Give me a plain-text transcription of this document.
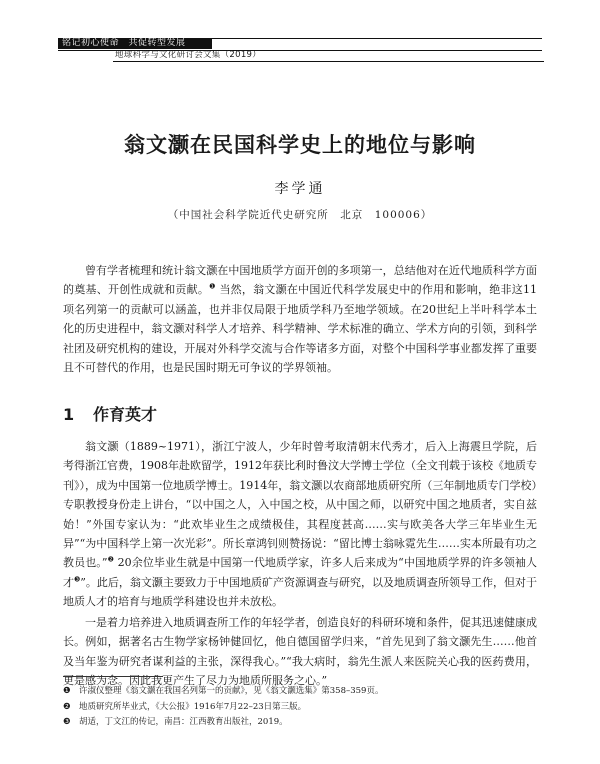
铭记初心使命　共促转型发展
地球科学与文化研讨会文集（2019）
翁文灏在民国科学史上的地位与影响
李学通
（中国社会科学院近代史研究所　北京　100006）

曾有学者梳理和统计翁文灏在中国地质学方面开创的多项第一，总结他对在近代地质科学方面的奠基、开创性成就和贡献。$^❶$ 当然，翁文灏在中国近代科学发展史中的作用和影响，绝非这11项名列第一的贡献可以涵盖，也并非仅局限于地质学科乃至地学领域。在20世纪上半叶科学本土化的历史进程中，翁文灏对科学人才培养、科学精神、学术标准的确立、学术方向的引领，到科学社团及研究机构的建设，开展对外科学交流与合作等诸多方面，对整个中国科学事业都发挥了重要且不可替代的作用，也是民国时期无可争议的学界领袖。

1 作育英才

翁文灏（1889~1971），浙江宁波人，少年时曾考取清朝末代秀才，后入上海震旦学院，后考得浙江官费，1908年赴欧留学，1912年获比利时鲁汶大学博士学位（全文刊载于该校《地质专刊》），成为中国第一位地质学博士。1914年，翁文灏以农商部地质研究所（三年制地质专门学校）专职教授身份走上讲台，“以中国之人，入中国之校，从中国之师，以研究中国之地质者，实自兹始！”外国专家认为：“此欢毕业生之成绩极佳，其程度甚高……实与欧美各大学三年毕业生无异”“为中国科学上第一次光彩”。所长章鸿钊则赞扬说：“留比博士翁咏霓先生……实本所最有功之教员也。”$^❷$ 20余位毕业生就是中国第一代地质学家，许多人后来成为“中国地质学界的许多领袖人才$^❸$”。此后，翁文灏主要致力于中国地质矿产资源调查与研究，以及地质调查所领导工作，但对于地质人才的培育与地质学科建设也并未放松。

一是着力培养进入地质调查所工作的年轻学者，创造良好的科研环境和条件，促其迅速健康成长。例如，据著名古生物学家杨钟健回忆，他自德国留学归来，“首先见到了翁文灏先生……他首及当年鉴为研究者谋利益的主张，深得我心。”“我大病时，翁先生派人来医院关心我的医药费用，更是感为念。因此我更产生了尽力为地质所服务之心。”

❶ 许淑仪整理《翁文灏在我国名列第一的贡献》，见《翁文灏选集》第358–359页。
❷ 地质研究所毕业式，《大公报》1916年7月22–23日第三版。
❸ 胡适，丁文江的传记，南昌：江西教育出版社，2019。
